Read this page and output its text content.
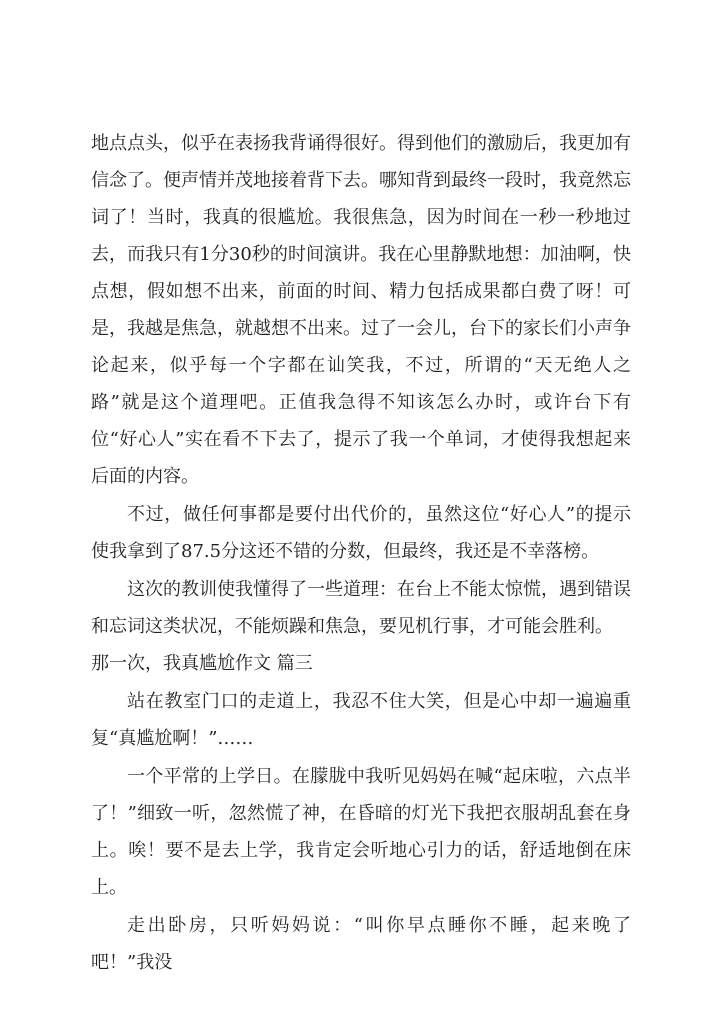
地点点头，似乎在表扬我背诵得很好。得到他们的激励后，我更加有信念了。便声情并茂地接着背下去。哪知背到最终一段时，我竟然忘词了！当时，我真的很尴尬。我很焦急，因为时间在一秒一秒地过去，而我只有1分30秒的时间演讲。我在心里静默地想：加油啊，快点想，假如想不出来，前面的时间、精力包括成果都白费了呀！可是，我越是焦急，就越想不出来。过了一会儿，台下的家长们小声争论起来，似乎每一个字都在讪笑我，不过，所谓的“天无绝人之路”就是这个道理吧。正值我急得不知该怎么办时，或许台下有位“好心人”实在看不下去了，提示了我一个单词，才使得我想起来后面的内容。

不过，做任何事都是要付出代价的，虽然这位“好心人”的提示使我拿到了87.5分这还不错的分数，但最终，我还是不幸落榜。

这次的教训使我懂得了一些道理：在台上不能太惊慌，遇到错误和忘词这类状况，不能烦躁和焦急，要见机行事，才可能会胜利。

那一次，我真尴尬作文 篇三

站在教室门口的走道上，我忍不住大笑，但是心中却一遍遍重复“真尴尬啊！”……

一个平常的上学日。在朦胧中我听见妈妈在喊“起床啦，六点半了！”细致一听，忽然慌了神，在昏暗的灯光下我把衣服胡乱套在身上。唉！要不是去上学，我肯定会听地心引力的话，舒适地倒在床上。

走出卧房，只听妈妈说：“叫你早点睡你不睡，起来晚了吧！”我没
